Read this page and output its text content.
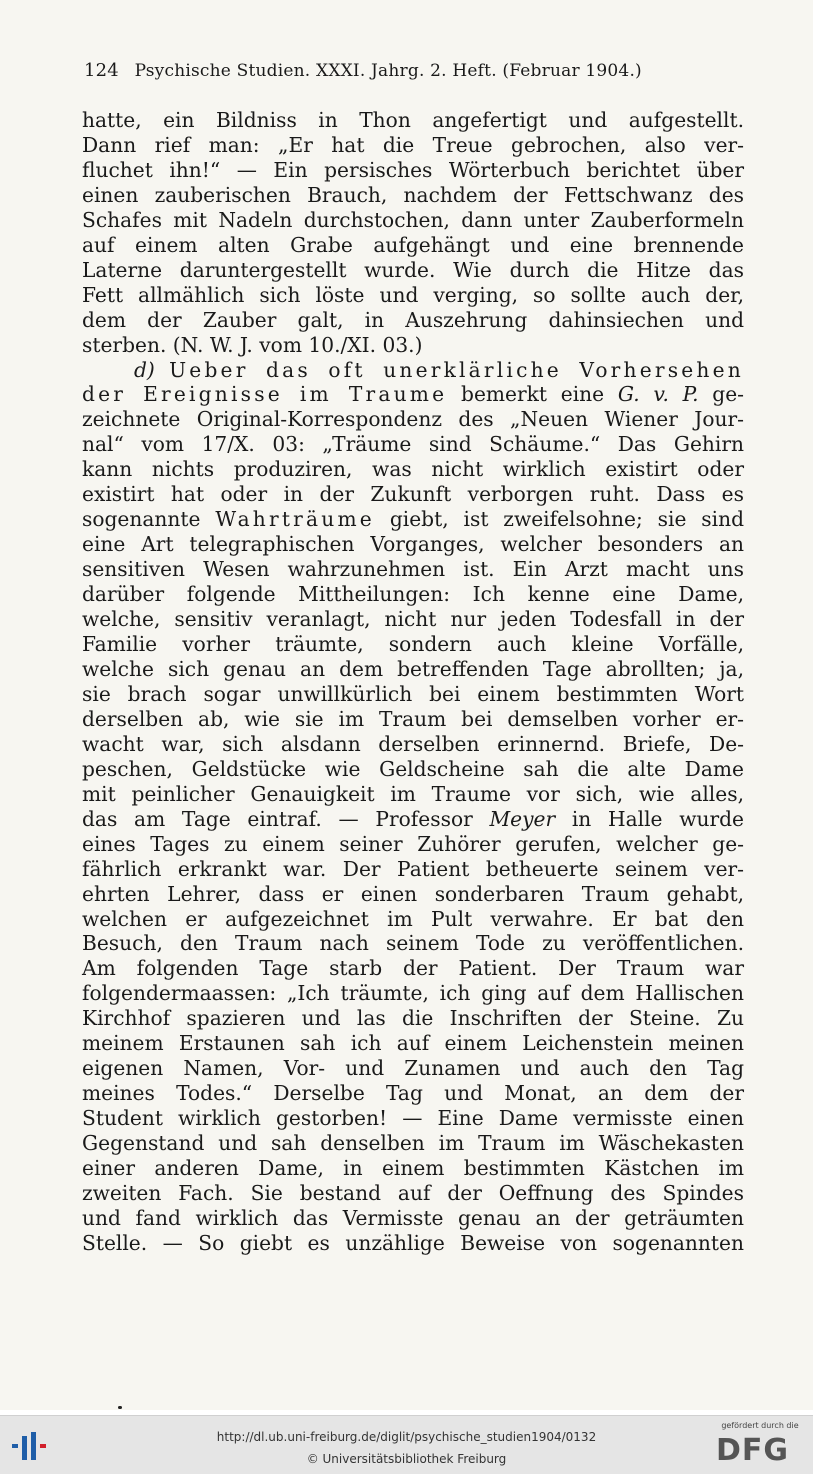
124 Psychische Studien. XXXI. Jahrg. 2. Heft. (Februar 1904.)
hatte, ein Bildniss in Thon angefertigt und aufgestellt.
Dann rief man: „Er hat die Treue gebrochen, also ver-
fluchet ihn!“ — Ein persisches Wörterbuch berichtet über
einen zauberischen Brauch, nachdem der Fettschwanz des
Schafes mit Nadeln durchstochen, dann unter Zauberformeln
auf einem alten Grabe aufgehängt und eine brennende
Laterne daruntergestellt wurde. Wie durch die Hitze das
Fett allmählich sich löste und verging, so sollte auch der,
dem der Zauber galt, in Auszehrung dahinsiechen und
sterben. (N. W. J. vom 10./XI. 03.)
d) Ueber das oft unerklärliche Vorhersehen
der Ereignisse im Traume bemerkt eine G. v. P. ge-
zeichnete Original-Korrespondenz des „Neuen Wiener Jour-
nal“ vom 17/X. 03: „Träume sind Schäume.“ Das Gehirn
kann nichts produziren, was nicht wirklich existirt oder
existirt hat oder in der Zukunft verborgen ruht. Dass es
sogenannte Wahrträume giebt, ist zweifelsohne; sie sind
eine Art telegraphischen Vorganges, welcher besonders an
sensitiven Wesen wahrzunehmen ist. Ein Arzt macht uns
darüber folgende Mittheilungen: Ich kenne eine Dame,
welche, sensitiv veranlagt, nicht nur jeden Todesfall in der
Familie vorher träumte, sondern auch kleine Vorfälle,
welche sich genau an dem betreffenden Tage abrollten; ja,
sie brach sogar unwillkürlich bei einem bestimmten Wort
derselben ab, wie sie im Traum bei demselben vorher er-
wacht war, sich alsdann derselben erinnernd. Briefe, De-
peschen, Geldstücke wie Geldscheine sah die alte Dame
mit peinlicher Genauigkeit im Traume vor sich, wie alles,
das am Tage eintraf. — Professor Meyer in Halle wurde
eines Tages zu einem seiner Zuhörer gerufen, welcher ge-
fährlich erkrankt war. Der Patient betheuerte seinem ver-
ehrten Lehrer, dass er einen sonderbaren Traum gehabt,
welchen er aufgezeichnet im Pult verwahre. Er bat den
Besuch, den Traum nach seinem Tode zu veröffentlichen.
Am folgenden Tage starb der Patient. Der Traum war
folgendermaassen: „Ich träumte, ich ging auf dem Hallischen
Kirchhof spazieren und las die Inschriften der Steine. Zu
meinem Erstaunen sah ich auf einem Leichenstein meinen
eigenen Namen, Vor- und Zunamen und auch den Tag
meines Todes.“ Derselbe Tag und Monat, an dem der
Student wirklich gestorben! — Eine Dame vermisste einen
Gegenstand und sah denselben im Traum im Wäschekasten
einer anderen Dame, in einem bestimmten Kästchen im
zweiten Fach. Sie bestand auf der Oeffnung des Spindes
und fand wirklich das Vermisste genau an der geträumten
Stelle. — So giebt es unzählige Beweise von sogenannten
http://dl.ub.uni-freiburg.de/diglit/psychische_studien1904/0132
© Universitätsbibliothek Freiburg
gefördert durch die
DFG
